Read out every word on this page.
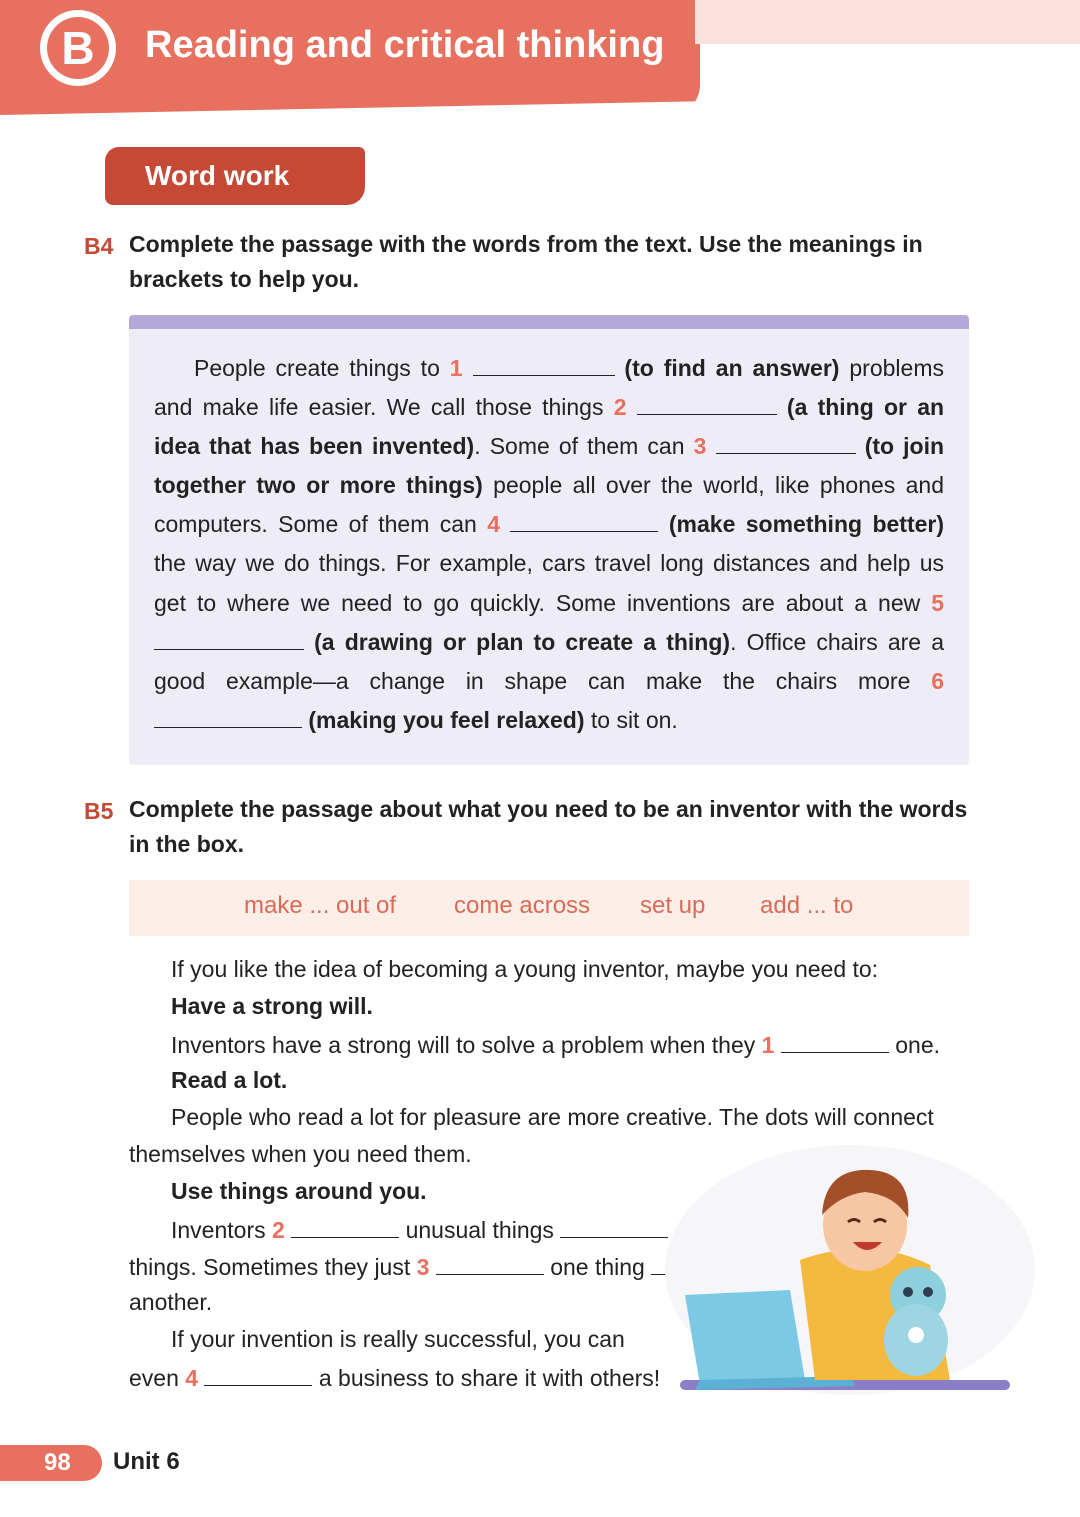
B	Reading and critical thinking
Word work
B4 Complete the passage with the words from the text. Use the meanings in
brackets to help you.
People create things to 1	(to find an answer) problems and make life easier. We call those things 2	(a thing or an idea that has been invented). Some of them can 3	(to join together two or more things) people all over the world, like phones and computers. Some of them can 4	(make something better) the way we do things. For example, cars travel long distances and help us get to where we need to go quickly. Some inventions are about a new 5  (a drawing or plan to create a thing). Office chairs are a good example—a change in shape can make the chairs more 6  (making you feel relaxed) to sit on.
B5 Complete the passage about what you need to be an inventor with the words
in the box.
make ... out of come across set up add ... to
If you like the idea of becoming a young inventor, maybe you need to:
Have a strong will.
Inventors have a strong will to solve a problem when they 1	one.
Read a lot.
People who read a lot for pleasure are more creative. The dots will connect
themselves when you need them.
Use things around you.
Inventors 2	unusual things
things. Sometimes they just 3	one thing
another.
If your invention is really successful, you can
even 4	a business to share it with others!
98	Unit 6
